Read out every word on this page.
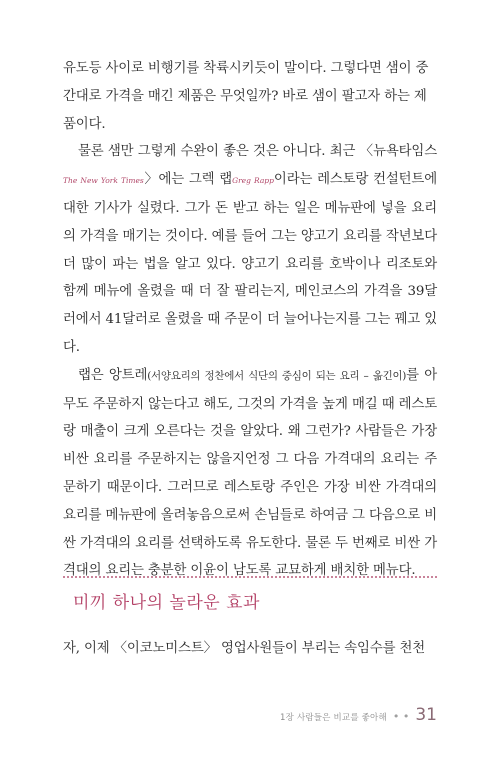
유도등 사이로 비행기를 착륙시키듯이 말이다. 그렇다면 샘이 중
간대로 가격을 매긴 제품은 무엇일까? 바로 샘이 팔고자 하는 제
품이다.

물론 샘만 그렇게 수완이 좋은 것은 아니다. 최근 〈뉴욕타임스The New York Times〉에는 그렉 랩Greg Rapp이라는 레스토랑 컨설턴트에 대한 기사가 실렸다. 그가 돈 받고 하는 일은 메뉴판에 넣을 요리의 가격을 매기는 것이다. 예를 들어 그는 양고기 요리를 작년보다 더 많이 파는 법을 알고 있다. 양고기 요리를 호박이나 리조토와 함께 메뉴에 올렸을 때 더 잘 팔리는지, 메인코스의 가격을 39달러에서 41달러로 올렸을 때 주문이 더 늘어나는지를 그는 꿰고 있다.

랩은 앙트레(서양요리의 정찬에서 식단의 중심이 되는 요리 – 옮긴이)를 아무도 주문하지 않는다고 해도, 그것의 가격을 높게 매길 때 레스토랑 매출이 크게 오른다는 것을 알았다. 왜 그런가? 사람들은 가장 비싼 요리를 주문하지는 않을지언정 그 다음 가격대의 요리는 주문하기 때문이다. 그러므로 레스토랑 주인은 가장 비싼 가격대의 요리를 메뉴판에 올려놓음으로써 손님들로 하여금 그 다음으로 비싼 가격대의 요리를 선택하도록 유도한다. 물론 두 번째로 비싼 가격대의 요리는 충분한 이윤이 남도록 교묘하게 배치한 메뉴다.

미끼 하나의 놀라운 효과

자, 이제 〈이코노미스트〉 영업사원들이 부리는 속임수를 천천

1장 사람들은 비교를 좋아해 • • 31
